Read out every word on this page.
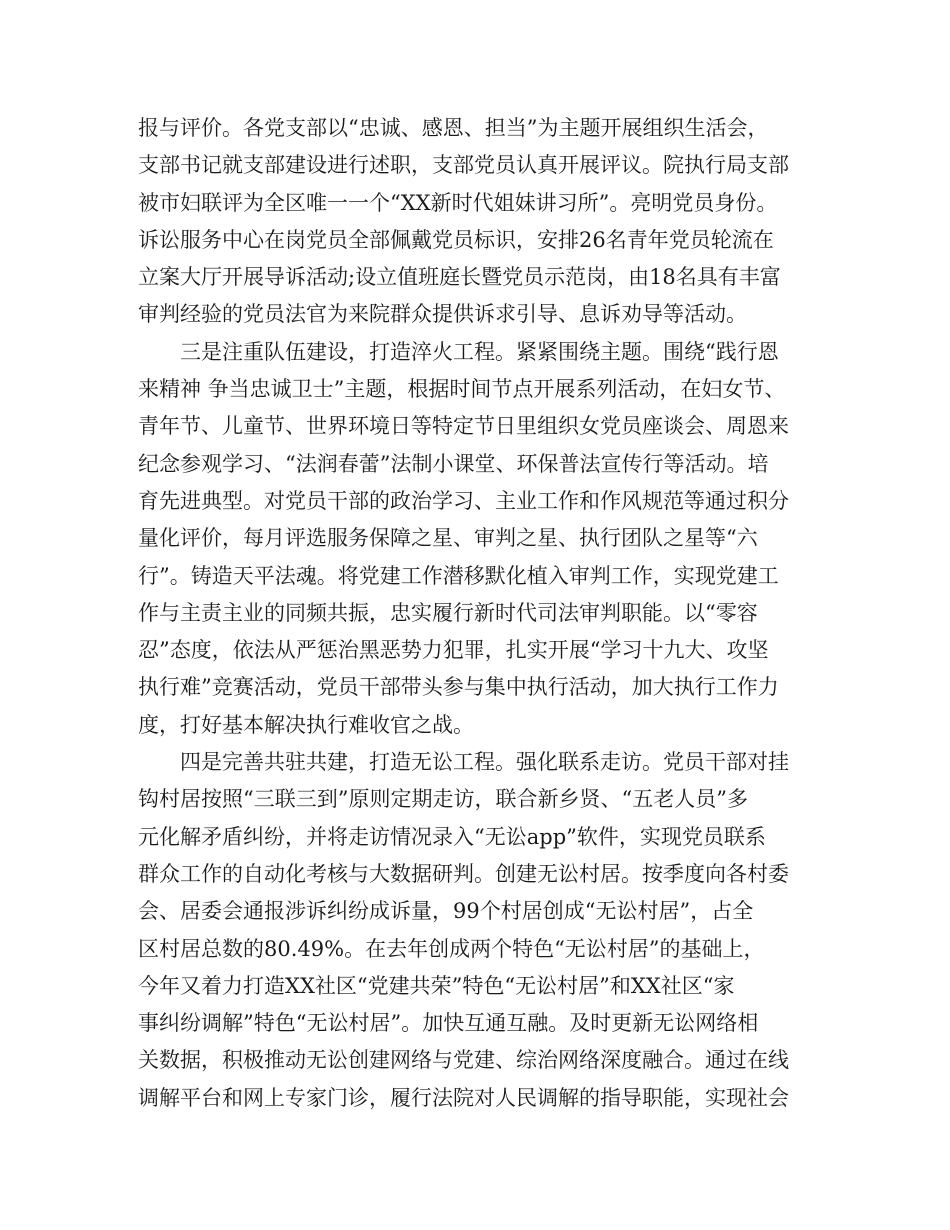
报与评价。各党支部以“忠诚、感恩、担当”为主题开展组织生活会，
支部书记就支部建设进行述职，支部党员认真开展评议。院执行局支部
被市妇联评为全区唯一一个“XX新时代姐妹讲习所”。亮明党员身份。
诉讼服务中心在岗党员全部佩戴党员标识，安排26名青年党员轮流在
立案大厅开展导诉活动;设立值班庭长暨党员示范岗，由18名具有丰富
审判经验的党员法官为来院群众提供诉求引导、息诉劝导等活动。
　　三是注重队伍建设，打造淬火工程。紧紧围绕主题。围绕“践行恩
来精神 争当忠诚卫士”主题，根据时间节点开展系列活动，在妇女节、
青年节、儿童节、世界环境日等特定节日里组织女党员座谈会、周恩来
纪念参观学习、“法润春蕾”法制小课堂、环保普法宣传行等活动。培
育先进典型。对党员干部的政治学习、主业工作和作风规范等通过积分
量化评价，每月评选服务保障之星、审判之星、执行团队之星等“六
行”。铸造天平法魂。将党建工作潜移默化植入审判工作，实现党建工
作与主责主业的同频共振，忠实履行新时代司法审判职能。以“零容
忍”态度，依法从严惩治黑恶势力犯罪，扎实开展“学习十九大、攻坚
执行难”竞赛活动，党员干部带头参与集中执行活动，加大执行工作力
度，打好基本解决执行难收官之战。
　　四是完善共驻共建，打造无讼工程。强化联系走访。党员干部对挂
钩村居按照“三联三到”原则定期走访，联合新乡贤、“五老人员”多
元化解矛盾纠纷，并将走访情况录入“无讼app”软件，实现党员联系
群众工作的自动化考核与大数据研判。创建无讼村居。按季度向各村委
会、居委会通报涉诉纠纷成诉量，99个村居创成“无讼村居”，占全
区村居总数的80.49%。在去年创成两个特色“无讼村居”的基础上，
今年又着力打造XX社区“党建共荣”特色“无讼村居”和XX社区“家
事纠纷调解”特色“无讼村居”。加快互通互融。及时更新无讼网络相
关数据，积极推动无讼创建网络与党建、综治网络深度融合。通过在线
调解平台和网上专家门诊，履行法院对人民调解的指导职能，实现社会
